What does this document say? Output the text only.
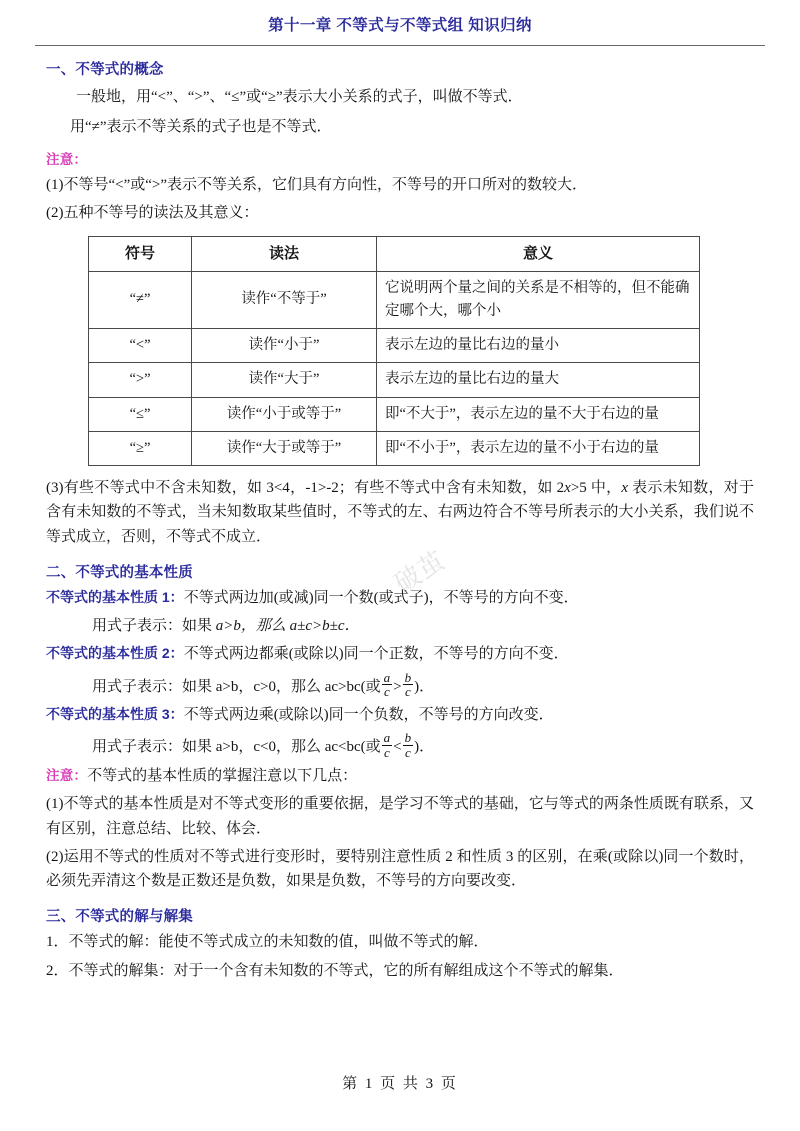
第十一章 不等式与不等式组 知识归纳
一、不等式的概念
一般地，用“<”、“>”、“≤”或“≥”表示大小关系的式子，叫做不等式．
用“≠”表示不等关系的式子也是不等式．
注意：
(1)不等号“<”或“>”表示不等关系，它们具有方向性，不等号的开口所对的数较大．
(2)五种不等号的读法及其意义：
符号	读法	意义
“≠”	读作“不等于”	它说明两个量之间的关系是不相等的，但不能确定哪个大，哪个小
“<”	读作“小于”	表示左边的量比右边的量小
“>”	读作“大于”	表示左边的量比右边的量大
“≤”	读作“小于或等于”	即“不大于”，表示左边的量不大于右边的量
“≥”	读作“大于或等于”	即“不小于”，表示左边的量不小于右边的量
(3)有些不等式中不含未知数，如 3<4，-1>-2；有些不等式中含有未知数，如 2x>5 中，x 表示未知数，对于含有未知数的不等式，当未知数取某些值时，不等式的左、右两边符合不等号所表示的大小关系，我们说不等式成立，否则，不等式不成立．
二、不等式的基本性质
不等式的基本性质 1：不等式两边加(或减)同一个数(或式子)，不等号的方向不变．
用式子表示：如果 a>b，那么 a±c>b±c．
不等式的基本性质 2：不等式两边都乘(或除以)同一个正数，不等号的方向不变．
用式子表示：如果 a>b，c>0，那么 ac>bc(或 $\frac{a}{c} > \frac{b}{c}$ )．
不等式的基本性质 3：不等式两边乘(或除以)同一个负数，不等号的方向改变．
用式子表示：如果 a>b，c<0，那么 ac<bc(或 $\frac{a}{c} < \frac{b}{c}$ )．
注意：不等式的基本性质的掌握注意以下几点：
(1)不等式的基本性质是对不等式变形的重要依据，是学习不等式的基础，它与等式的两条性质既有联系，又有区别，注意总结、比较、体会．
(2)运用不等式的性质对不等式进行变形时，要特别注意性质 2 和性质 3 的区别，在乘(或除以)同一个数时，必须先弄清这个数是正数还是负数，如果是负数，不等号的方向要改变．
三、不等式的解与解集
1．不等式的解：能使不等式成立的未知数的值，叫做不等式的解．
2．不等式的解集：对于一个含有未知数的不等式，它的所有解组成这个不等式的解集．
破茧
第 1 页 共 3 页
